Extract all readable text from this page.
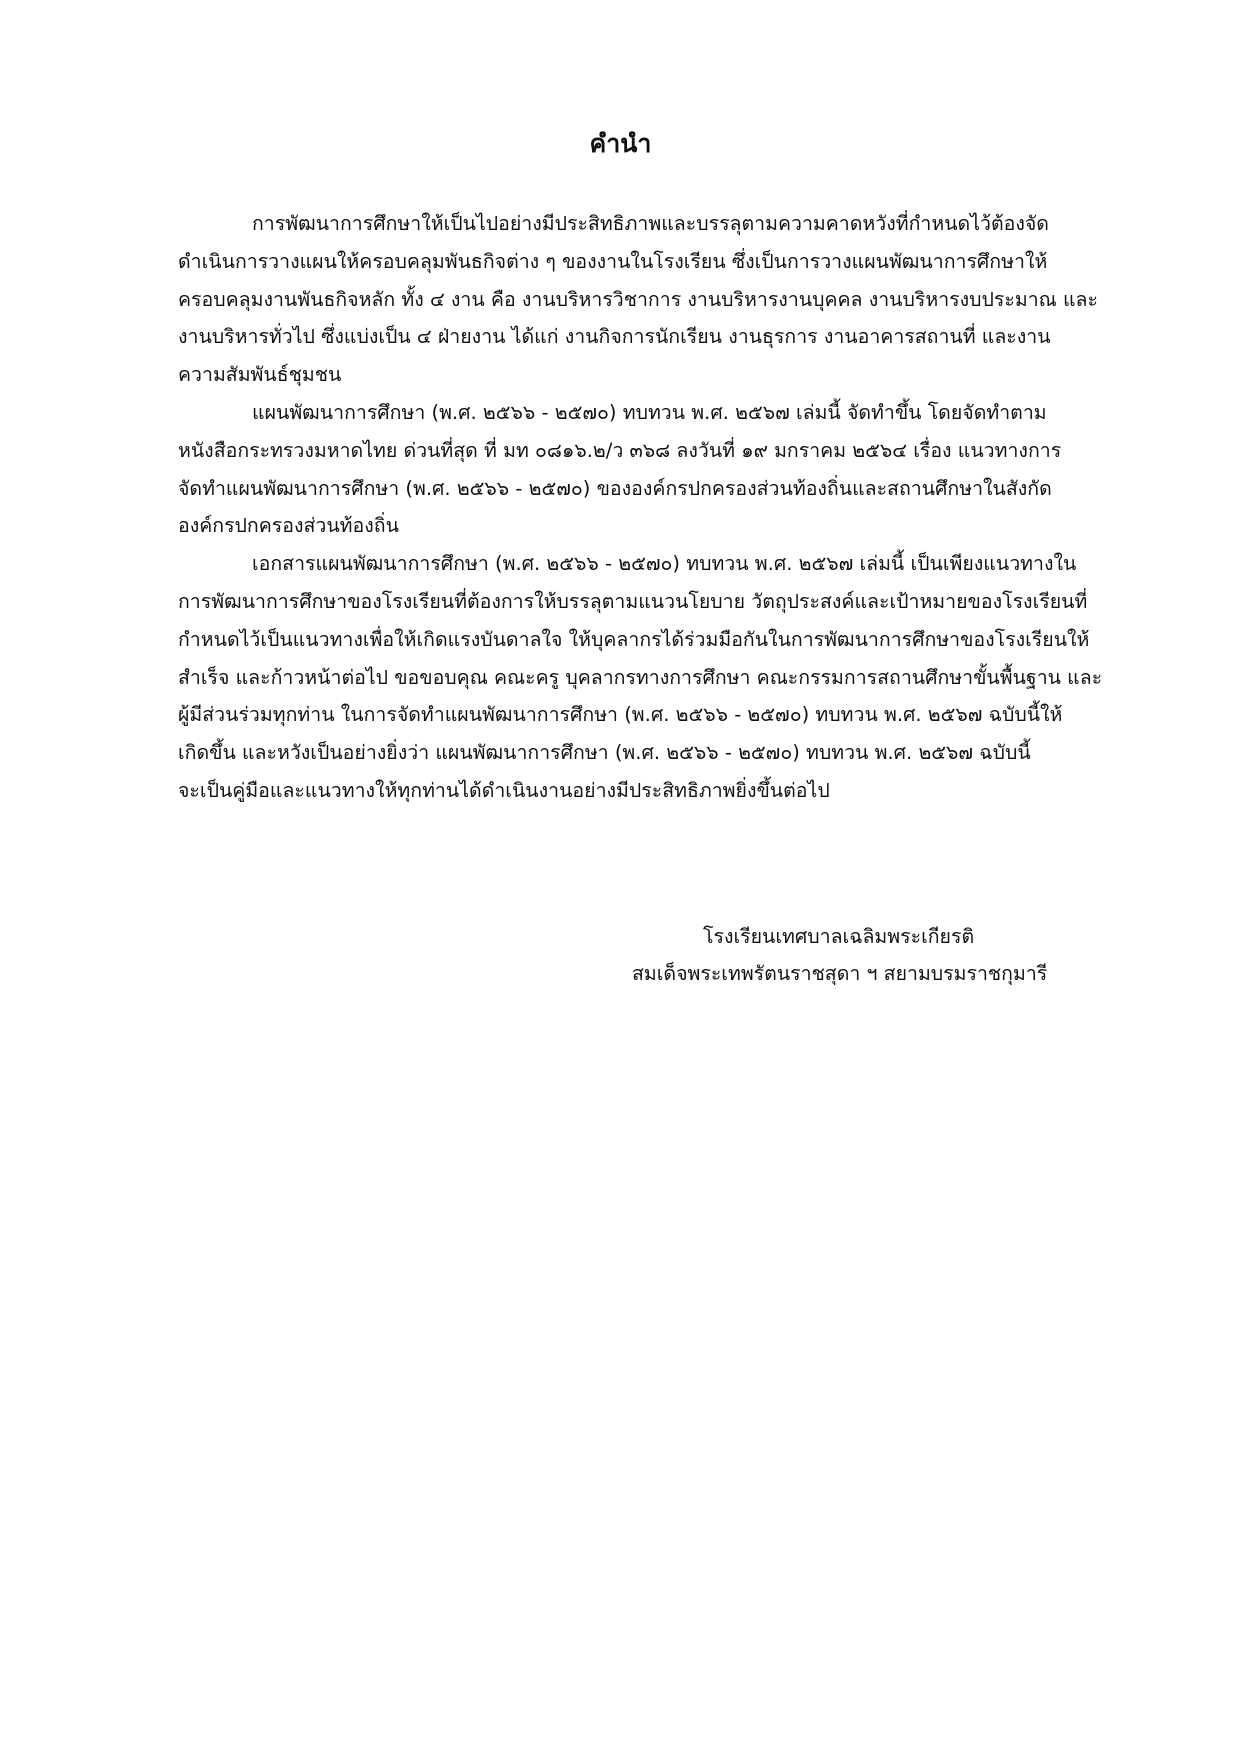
คำนำ

การพัฒนาการศึกษาให้เป็นไปอย่างมีประสิทธิภาพและบรรลุตามความคาดหวังที่กำหนดไว้ต้องจัด
ดำเนินการวางแผนให้ครอบคลุมพันธกิจต่าง ๆ ของงานในโรงเรียน ซึ่งเป็นการวางแผนพัฒนาการศึกษาให้
ครอบคลุมงานพันธกิจหลัก ทั้ง ๔ งาน คือ งานบริหารวิชาการ งานบริหารงานบุคคล งานบริหารงบประมาณ และ
งานบริหารทั่วไป ซึ่งแบ่งเป็น ๔ ฝ่ายงาน ได้แก่ งานกิจการนักเรียน งานธุรการ งานอาคารสถานที่ และงาน
ความสัมพันธ์ชุมชน

แผนพัฒนาการศึกษา (พ.ศ. ๒๕๖๖ - ๒๕๗๐) ทบทวน พ.ศ. ๒๕๖๗ เล่มนี้ จัดทำขึ้น โดยจัดทำตาม
หนังสือกระทรวงมหาดไทย ด่วนที่สุด ที่ มท ๐๘๑๖.๒/ว ๓๖๘ ลงวันที่ ๑๙ มกราคม ๒๕๖๔ เรื่อง แนวทางการ
จัดทำแผนพัฒนาการศึกษา (พ.ศ. ๒๕๖๖ - ๒๕๗๐) ขององค์กรปกครองส่วนท้องถิ่นและสถานศึกษาในสังกัด
องค์กรปกครองส่วนท้องถิ่น

เอกสารแผนพัฒนาการศึกษา (พ.ศ. ๒๕๖๖ - ๒๕๗๐) ทบทวน พ.ศ. ๒๕๖๗ เล่มนี้ เป็นเพียงแนวทางใน
การพัฒนาการศึกษาของโรงเรียนที่ต้องการให้บรรลุตามแนวนโยบาย วัตถุประสงค์และเป้าหมายของโรงเรียนที่
กำหนดไว้เป็นแนวทางเพื่อให้เกิดแรงบันดาลใจ ให้บุคลากรได้ร่วมมือกันในการพัฒนาการศึกษาของโรงเรียนให้
สำเร็จ และก้าวหน้าต่อไป ขอขอบคุณ คณะครู บุคลากรทางการศึกษา คณะกรรมการสถานศึกษาขั้นพื้นฐาน และ
ผู้มีส่วนร่วมทุกท่าน ในการจัดทำแผนพัฒนาการศึกษา (พ.ศ. ๒๕๖๖ - ๒๕๗๐) ทบทวน พ.ศ. ๒๕๖๗ ฉบับนี้ให้
เกิดขึ้น และหวังเป็นอย่างยิ่งว่า แผนพัฒนาการศึกษา (พ.ศ. ๒๕๖๖ - ๒๕๗๐) ทบทวน พ.ศ. ๒๕๖๗ ฉบับนี้
จะเป็นคู่มือและแนวทางให้ทุกท่านได้ดำเนินงานอย่างมีประสิทธิภาพยิ่งขึ้นต่อไป

โรงเรียนเทศบาลเฉลิมพระเกียรติ
สมเด็จพระเทพรัตนราชสุดา ฯ สยามบรมราชกุมารี
